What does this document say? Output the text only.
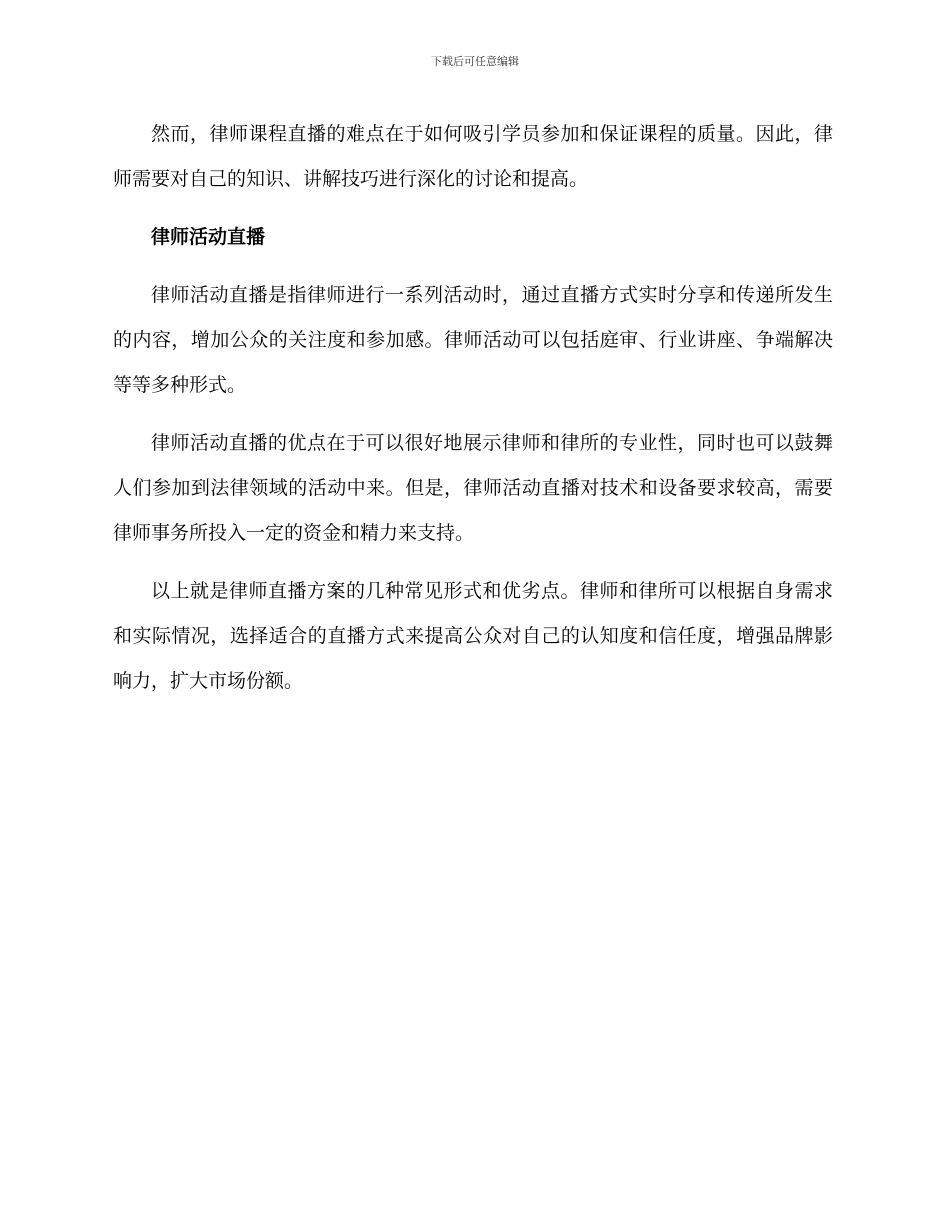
下载后可任意编辑

然而，律师课程直播的难点在于如何吸引学员参加和保证课程的质量。因此，律师需要对自己的知识、讲解技巧进行深化的讨论和提高。

律师活动直播

律师活动直播是指律师进行一系列活动时，通过直播方式实时分享和传递所发生的内容，增加公众的关注度和参加感。律师活动可以包括庭审、行业讲座、争端解决等等多种形式。

律师活动直播的优点在于可以很好地展示律师和律所的专业性，同时也可以鼓舞人们参加到法律领域的活动中来。但是，律师活动直播对技术和设备要求较高，需要律师事务所投入一定的资金和精力来支持。

以上就是律师直播方案的几种常见形式和优劣点。律师和律所可以根据自身需求和实际情况，选择适合的直播方式来提高公众对自己的认知度和信任度，增强品牌影响力，扩大市场份额。
